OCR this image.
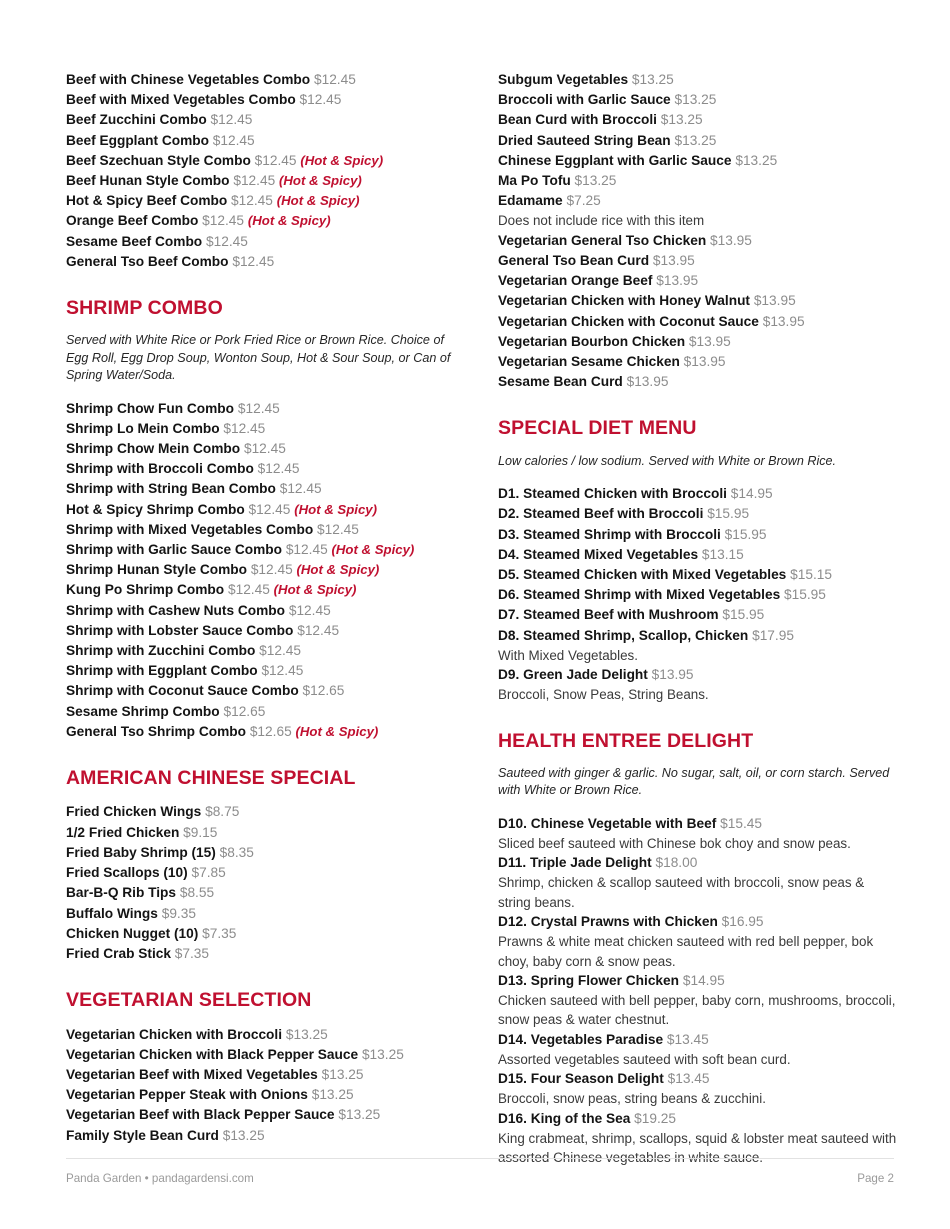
Beef with Chinese Vegetables Combo $12.45
Beef with Mixed Vegetables Combo $12.45
Beef Zucchini Combo $12.45
Beef Eggplant Combo $12.45
Beef Szechuan Style Combo $12.45 (Hot & Spicy)
Beef Hunan Style Combo $12.45 (Hot & Spicy)
Hot & Spicy Beef Combo $12.45 (Hot & Spicy)
Orange Beef Combo $12.45 (Hot & Spicy)
Sesame Beef Combo $12.45
General Tso Beef Combo $12.45
SHRIMP COMBO

Served with White Rice or Pork Fried Rice or Brown Rice. Choice of Egg Roll, Egg Drop Soup, Wonton Soup, Hot & Sour Soup, or Can of Spring Water/Soda.

Shrimp Chow Fun Combo $12.45
Shrimp Lo Mein Combo $12.45
Shrimp Chow Mein Combo $12.45
Shrimp with Broccoli Combo $12.45
Shrimp with String Bean Combo $12.45
Hot & Spicy Shrimp Combo $12.45 (Hot & Spicy)
Shrimp with Mixed Vegetables Combo $12.45
Shrimp with Garlic Sauce Combo $12.45 (Hot & Spicy)
Shrimp Hunan Style Combo $12.45 (Hot & Spicy)
Kung Po Shrimp Combo $12.45 (Hot & Spicy)
Shrimp with Cashew Nuts Combo $12.45
Shrimp with Lobster Sauce Combo $12.45
Shrimp with Zucchini Combo $12.45
Shrimp with Eggplant Combo $12.45
Shrimp with Coconut Sauce Combo $12.65
Sesame Shrimp Combo $12.65
General Tso Shrimp Combo $12.65 (Hot & Spicy)
AMERICAN CHINESE SPECIAL
Fried Chicken Wings $8.75
1/2 Fried Chicken $9.15
Fried Baby Shrimp (15) $8.35
Fried Scallops (10) $7.85
Bar-B-Q Rib Tips $8.55
Buffalo Wings $9.35
Chicken Nugget (10) $7.35
Fried Crab Stick $7.35
VEGETARIAN SELECTION
Vegetarian Chicken with Broccoli $13.25
Vegetarian Chicken with Black Pepper Sauce $13.25
Vegetarian Beef with Mixed Vegetables $13.25
Vegetarian Pepper Steak with Onions $13.25
Vegetarian Beef with Black Pepper Sauce $13.25
Family Style Bean Curd $13.25
Subgum Vegetables $13.25
Broccoli with Garlic Sauce $13.25
Bean Curd with Broccoli $13.25
Dried Sauteed String Bean $13.25
Chinese Eggplant with Garlic Sauce $13.25
Ma Po Tofu $13.25
Edamame $7.25
Does not include rice with this item
Vegetarian General Tso Chicken $13.95
General Tso Bean Curd $13.95
Vegetarian Orange Beef $13.95
Vegetarian Chicken with Honey Walnut $13.95
Vegetarian Chicken with Coconut Sauce $13.95
Vegetarian Bourbon Chicken $13.95
Vegetarian Sesame Chicken $13.95
Sesame Bean Curd $13.95
SPECIAL DIET MENU

Low calories / low sodium. Served with White or Brown Rice.

D1. Steamed Chicken with Broccoli $14.95
D2. Steamed Beef with Broccoli $15.95
D3. Steamed Shrimp with Broccoli $15.95
D4. Steamed Mixed Vegetables $13.15
D5. Steamed Chicken with Mixed Vegetables $15.15
D6. Steamed Shrimp with Mixed Vegetables $15.95
D7. Steamed Beef with Mushroom $15.95
D8. Steamed Shrimp, Scallop, Chicken $17.95
With Mixed Vegetables.
D9. Green Jade Delight $13.95
Broccoli, Snow Peas, String Beans.
HEALTH ENTREE DELIGHT

Sauteed with ginger & garlic. No sugar, salt, oil, or corn starch. Served with White or Brown Rice.

D10. Chinese Vegetable with Beef $15.45
Sliced beef sauteed with Chinese bok choy and snow peas.
D11. Triple Jade Delight $18.00
Shrimp, chicken & scallop sauteed with broccoli, snow peas & string beans.
D12. Crystal Prawns with Chicken $16.95
Prawns & white meat chicken sauteed with red bell pepper, bok choy, baby corn & snow peas.
D13. Spring Flower Chicken $14.95
Chicken sauteed with bell pepper, baby corn, mushrooms, broccoli, snow peas & water chestnut.
D14. Vegetables Paradise $13.45
Assorted vegetables sauteed with soft bean curd.
D15. Four Season Delight $13.45
Broccoli, snow peas, string beans & zucchini.
D16. King of the Sea $19.25
King crabmeat, shrimp, scallops, squid & lobster meat sauteed with assorted Chinese vegetables in white sauce.
Panda Garden • pandagardensi.com	Page 2
